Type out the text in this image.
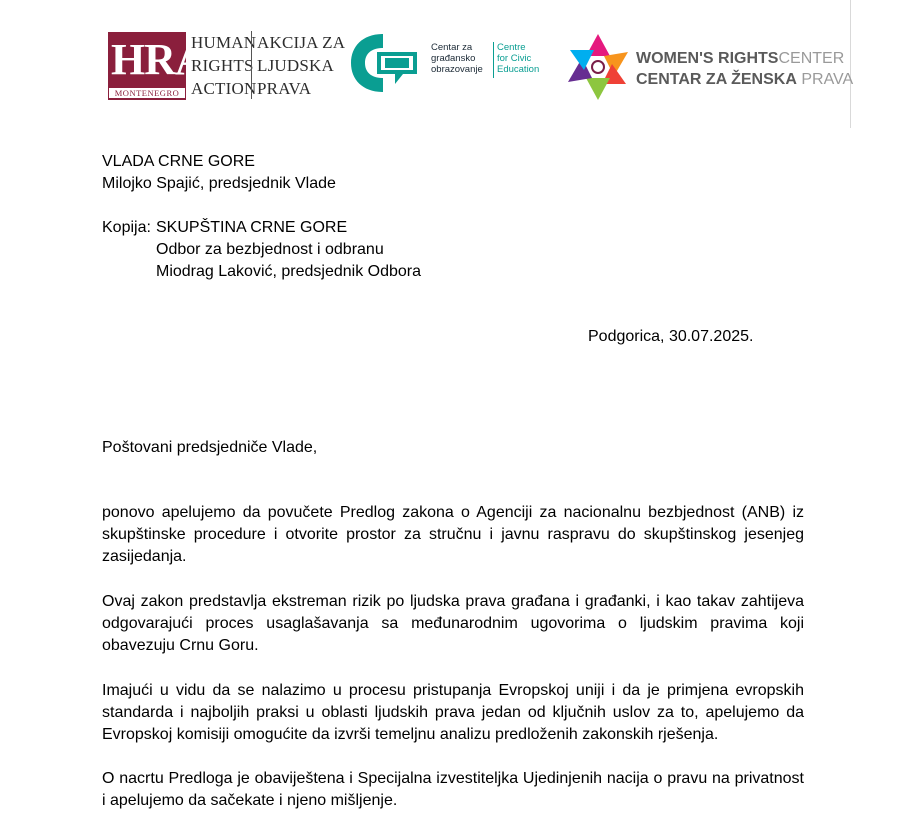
HRA
MONTENEGRO
HUMAN
RIGHTS
ACTION
AKCIJA ZA
LJUDSKA
PRAVA
Centar za
građansko
obrazovanje
Centre
for Civic
Education
WOMEN'S RIGHTSCENTER
CENTAR ZA ŽENSKA PRAVA
VLADA CRNE GORE
Milojko Spajić, predsjednik Vlade
Kopija: SKUPŠTINA CRNE GORE
Odbor za bezbjednost i odbranu
Miodrag Laković, predsjednik Odbora
Podgorica, 30.07.2025.
Poštovani predsjedniče Vlade,
ponovo apelujemo da povučete Predlog zakona o Agenciji za nacionalnu bezbjednost (ANB) iz skupštinske procedure i otvorite prostor za stručnu i javnu raspravu do skupštinskog jesenjeg zasijedanja.
Ovaj zakon predstavlja ekstreman rizik po ljudska prava građana i građanki, i kao takav zahtijeva odgovarajući proces usaglašavanja sa međunarodnim ugovorima o ljudskim pravima koji obavezuju Crnu Goru.
Imajući u vidu da se nalazimo u procesu pristupanja Evropskoj uniji i da je primjena evropskih standarda i najboljih praksi u oblasti ljudskih prava jedan od ključnih uslov za to, apelujemo da Evropskoj komisiji omogućite da izvrši temeljnu analizu predloženih zakonskih rješenja.
O nacrtu Predloga je obaviještena i Specijalna izvestiteljka Ujedinjenih nacija o pravu na privatnost i apelujemo da sačekate i njeno mišljenje.
